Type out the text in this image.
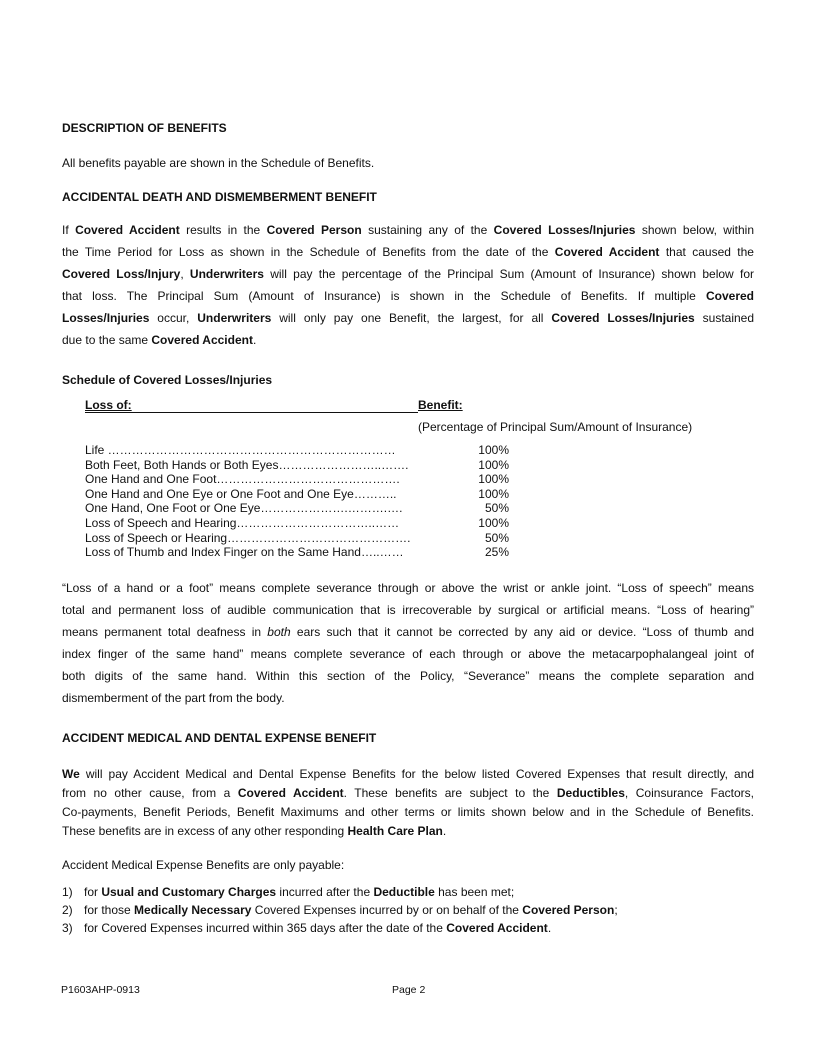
DESCRIPTION OF BENEFITS
All benefits payable are shown in the Schedule of Benefits.
ACCIDENTAL DEATH AND DISMEMBERMENT BENEFIT
If Covered Accident results in the Covered Person sustaining any of the Covered Losses/Injuries shown below, within
the Time Period for Loss as shown in the Schedule of Benefits from the date of the Covered Accident that caused the
Covered Loss/Injury, Underwriters will pay the percentage of the Principal Sum (Amount of Insurance) shown below for
that loss. The Principal Sum (Amount of Insurance) is shown in the Schedule of Benefits. If multiple Covered
Losses/Injuries occur, Underwriters will only pay one Benefit, the largest, for all Covered Losses/Injuries sustained
due to the same Covered Accident.
Schedule of Covered Losses/Injuries
Loss of:	Benefit:
(Percentage of Principal Sum/Amount of Insurance)
Life ………………………………………………………………	100%
Both Feet, Both Hands or Both Eyes……………………..…….	100%
One Hand and One Foot……………………………………….	100%
One Hand and One Eye or One Foot and One Eye………..	100%
One Hand, One Foot or One Eye………………….……….….	50%
Loss of Speech and Hearing……………………………..……	100%
Loss of Speech or Hearing……………………………………….	50%
Loss of Thumb and Index Finger on the Same Hand…..……	25%
“Loss of a hand or a foot” means complete severance through or above the wrist or ankle joint. “Loss of speech” means
total and permanent loss of audible communication that is irrecoverable by surgical or artificial means. “Loss of hearing”
means permanent total deafness in both ears such that it cannot be corrected by any aid or device. “Loss of thumb and
index finger of the same hand” means complete severance of each through or above the metacarpophalangeal joint of
both digits of the same hand. Within this section of the Policy, “Severance” means the complete separation and
dismemberment of the part from the body.
ACCIDENT MEDICAL AND DENTAL EXPENSE BENEFIT
We will pay Accident Medical and Dental Expense Benefits for the below listed Covered Expenses that result directly, and
from no other cause, from a Covered Accident. These benefits are subject to the Deductibles, Coinsurance Factors,
Co-payments, Benefit Periods, Benefit Maximums and other terms or limits shown below and in the Schedule of Benefits.
These benefits are in excess of any other responding Health Care Plan.
Accident Medical Expense Benefits are only payable:
1) for Usual and Customary Charges incurred after the Deductible has been met;
2) for those Medically Necessary Covered Expenses incurred by or on behalf of the Covered Person;
3) for Covered Expenses incurred within 365 days after the date of the Covered Accident.
P1603AHP-0913	Page 2
